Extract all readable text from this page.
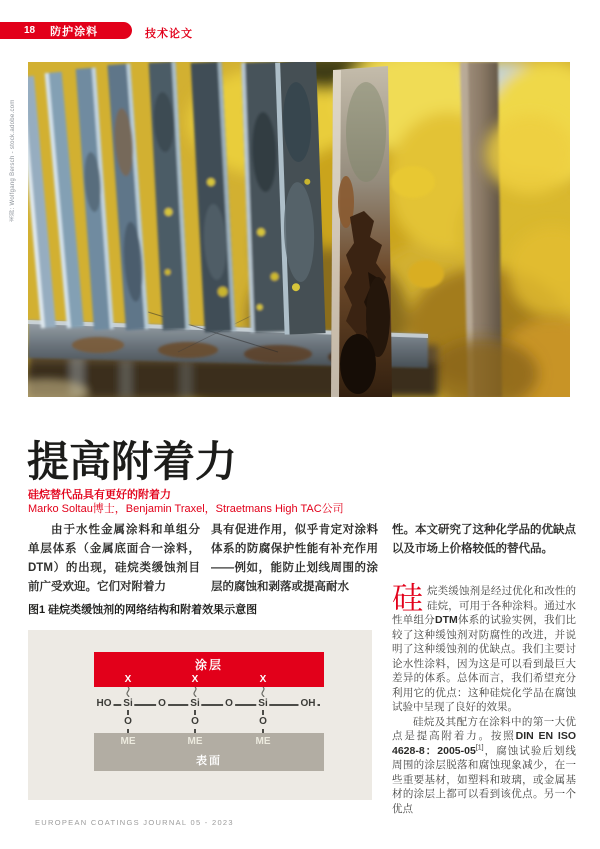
18 防护涂料	技术论文
来源: Wolfgang Bersch - stock.adobe.com
提高附着力
硅烷替代品具有更好的附着力
Marko Soltau博士，Benjamin Traxel，Straetmans High TAC公司
由于水性金属涂料和单组分单层体系（金属底面合一涂料，DTM）的出现，硅烷类缓蚀剂目前广受欢迎。它们对附着力
具有促进作用，似乎肯定对涂料体系的防腐保护性能有补充作用——例如，能防止划线周围的涂层的腐蚀和剥落或提高耐水

性。本文研究了这种化学品的优缺点以及市场上价格较低的替代品。

硅烷类缓蚀剂是经过优化和改性的硅烷，可用于各种涂料。通过水性单组分DTM体系的试验实例，我们比较了这种缓蚀剂对防腐性的改进，并说明了这种缓蚀剂的优缺点。我们主要讨论水性涂料，因为这是可以看到最巨大差异的体系。总体而言，我们希望充分利用它的优点：这种硅烷化学品在腐蚀试验中呈现了良好的效果。

硅烷及其配方在涂料中的第一大优点是提高附着力。按照DIN EN ISO 4628-8：2005-05[1]，腐蚀试验后划线周围的涂层脱落和腐蚀现象减少，在一些重要基材，如塑料和玻璃，或金属基材的涂层上都可以看到该优点。另一个优点

图1 硅烷类缓蚀剂的网络结构和附着效果示意图
涂层
X	X	X
HO Si	O Si	O	Si	OH
O	O	O
ME	ME	ME
表面
EUROPEAN COATINGS JOURNAL 05 - 2023
